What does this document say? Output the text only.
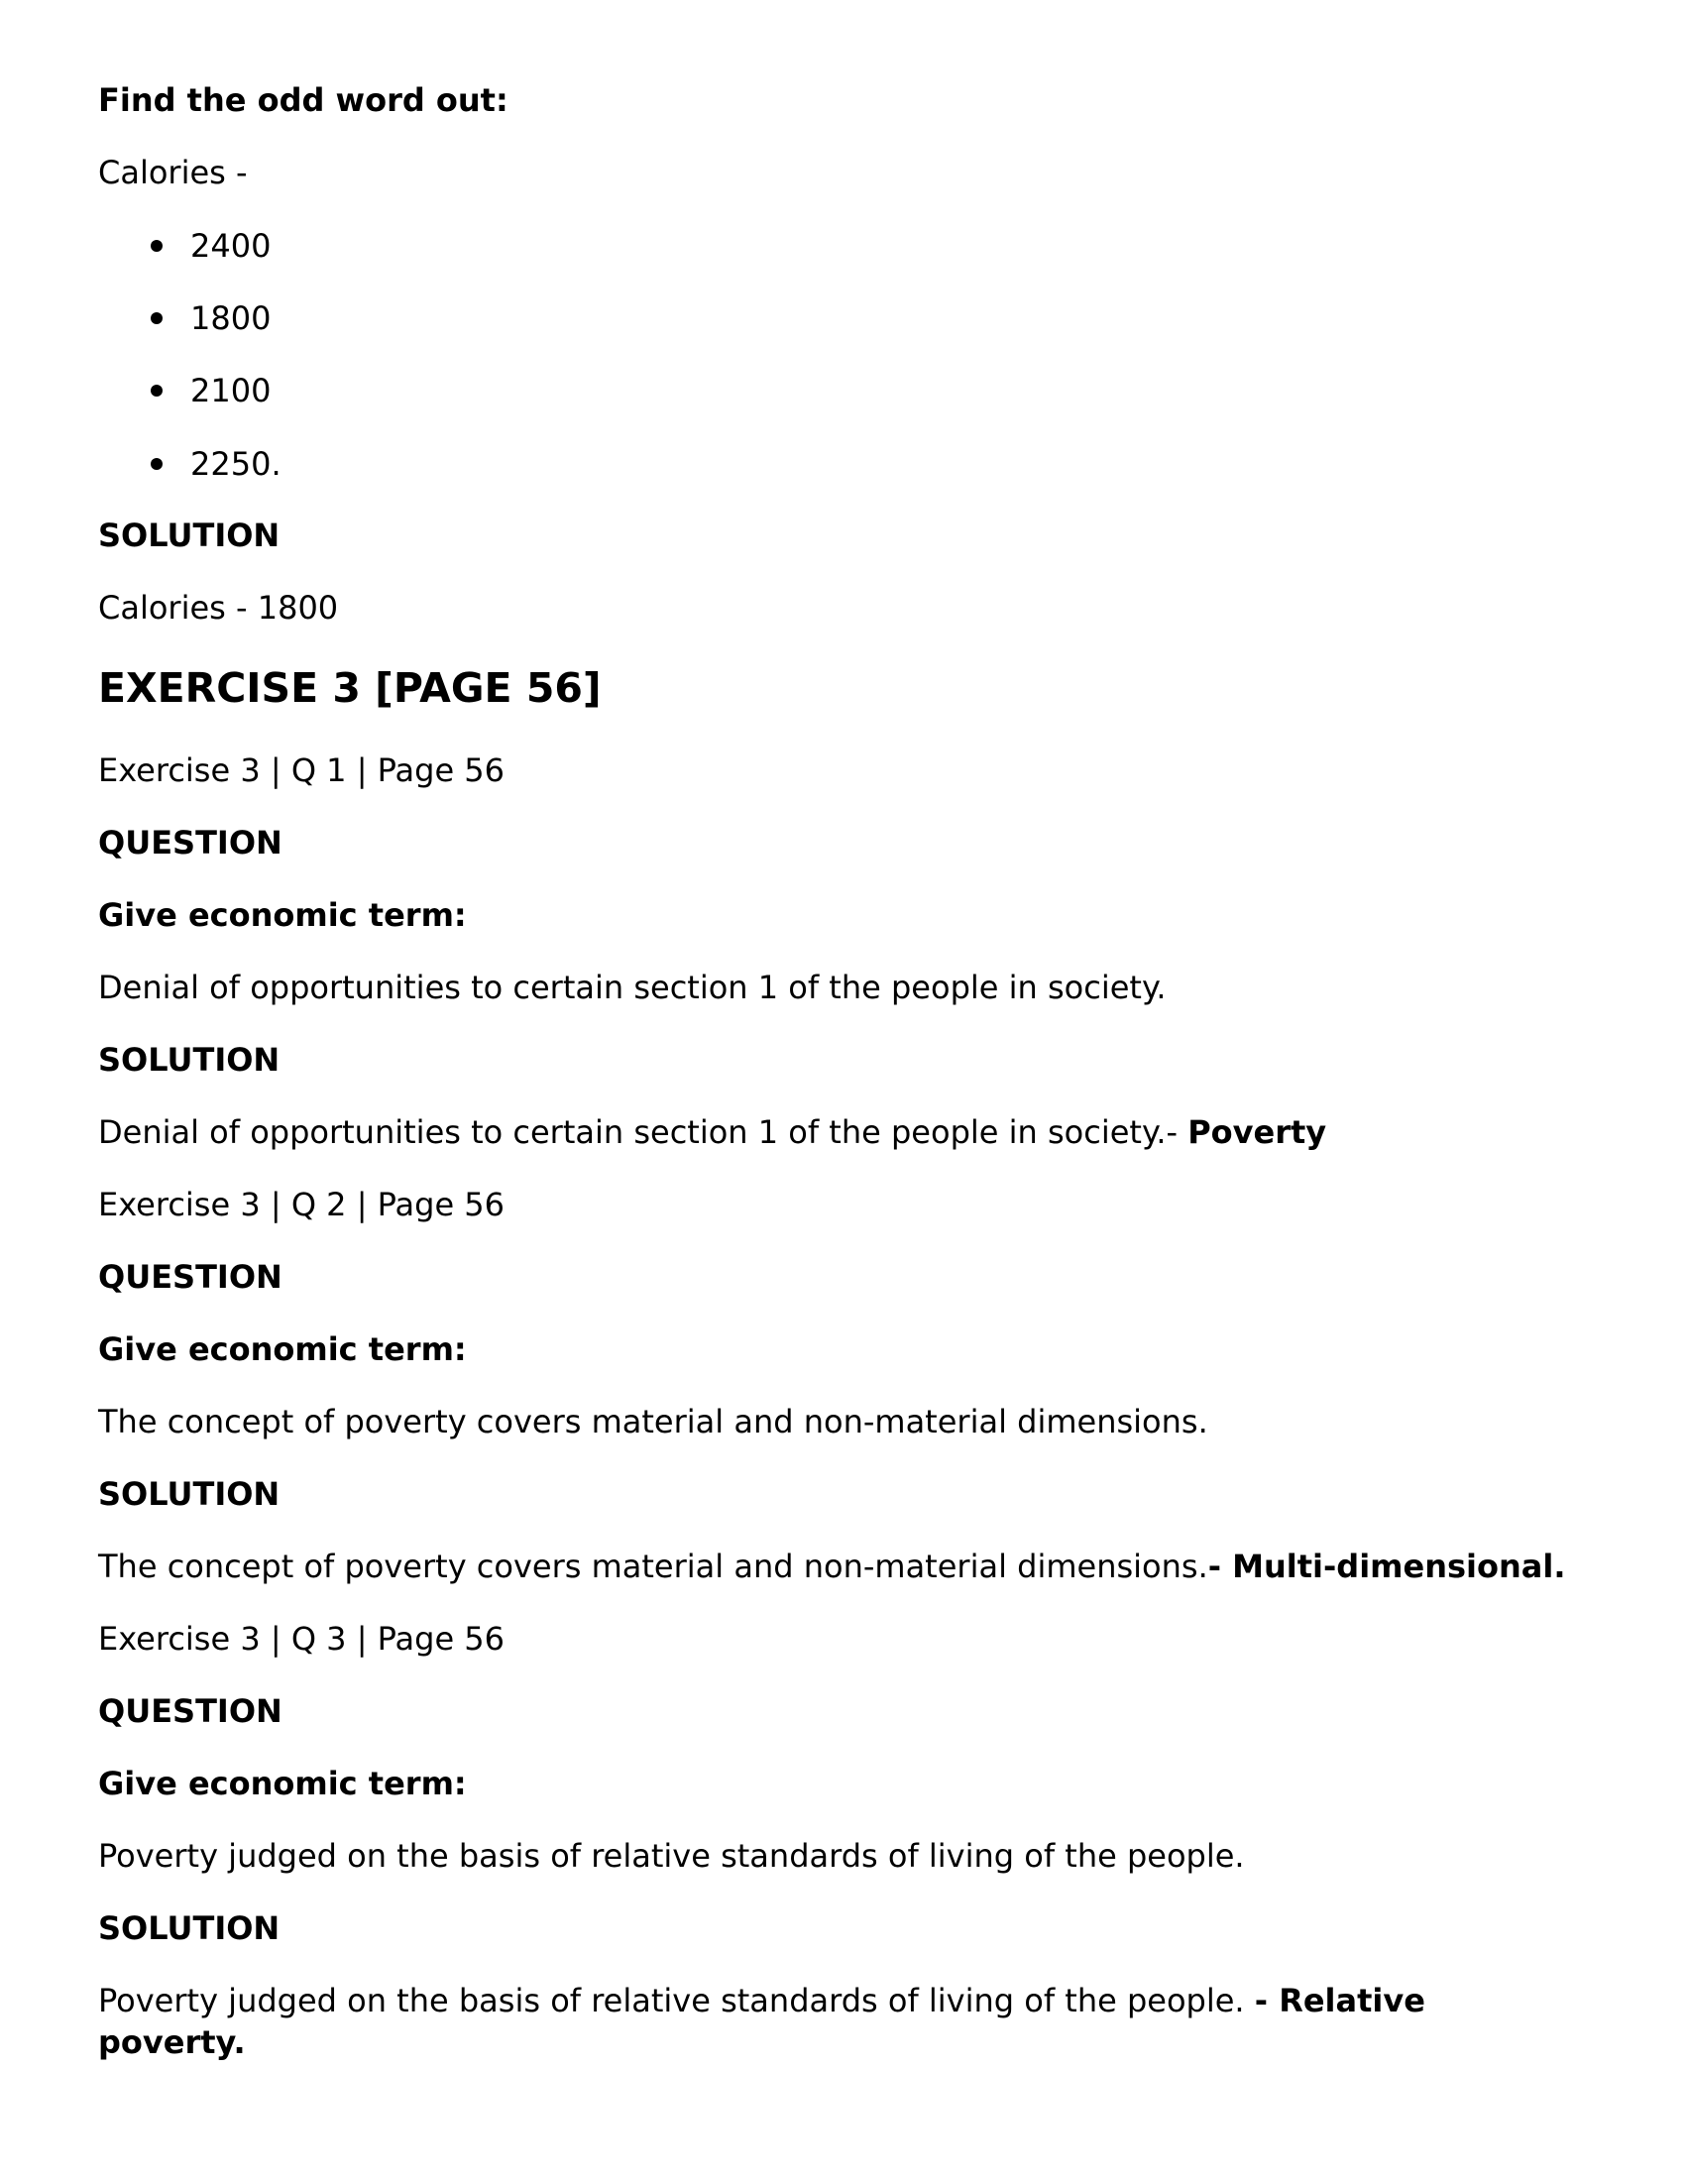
Find the odd word out:
Calories -
2400
1800
2100
2250.
SOLUTION
Calories - 1800
EXERCISE 3 [PAGE 56]
Exercise 3 | Q 1 | Page 56
QUESTION
Give economic term:
Denial of opportunities to certain section 1 of the people in society.
SOLUTION
Denial of opportunities to certain section 1 of the people in society.- Poverty
Exercise 3 | Q 2 | Page 56
QUESTION
Give economic term:
The concept of poverty covers material and non-material dimensions.
SOLUTION
The concept of poverty covers material and non-material dimensions.- Multi-dimensional.
Exercise 3 | Q 3 | Page 56
QUESTION
Give economic term:
Poverty judged on the basis of relative standards of living of the people.
SOLUTION
Poverty judged on the basis of relative standards of living of the people. - Relative
poverty.
